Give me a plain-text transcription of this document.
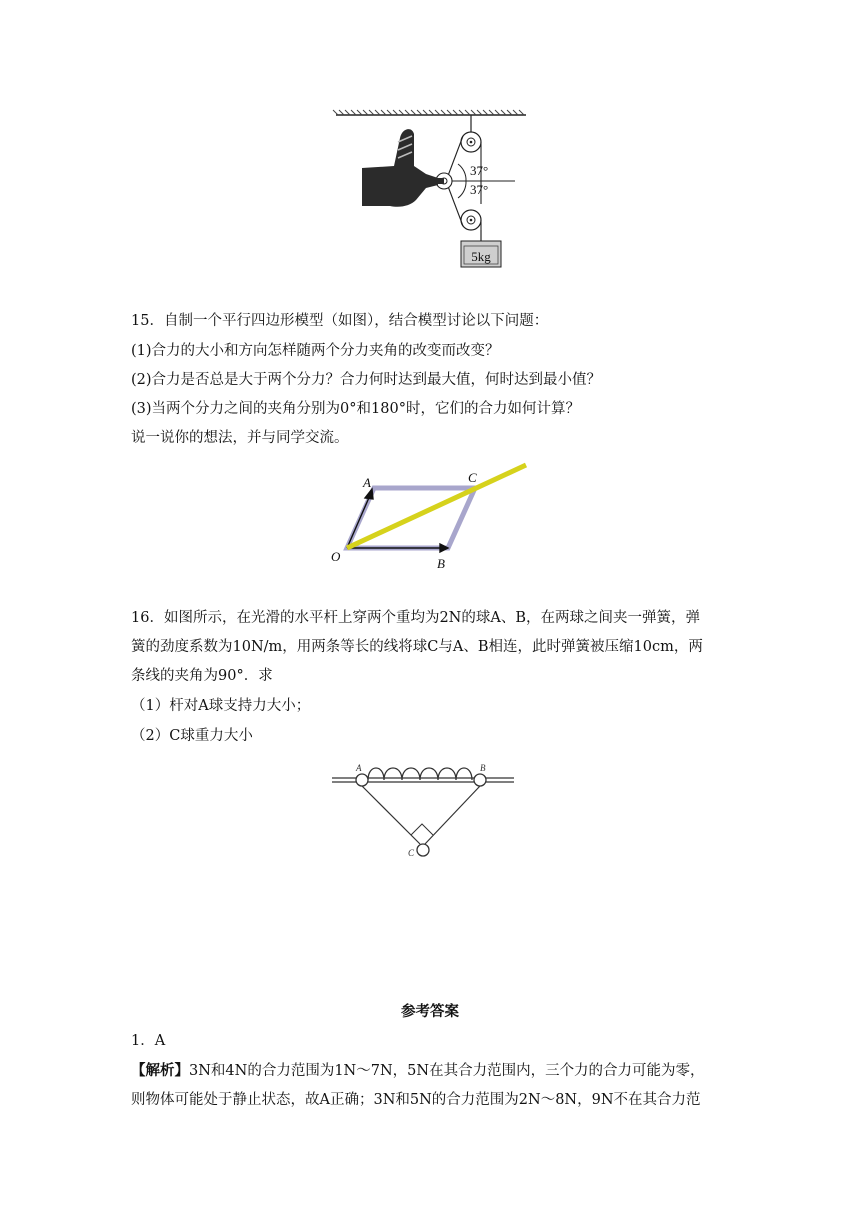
37°
37°
5kg
15．自制一个平行四边形模型（如图），结合模型讨论以下问题：
(1)合力的大小和方向怎样随两个分力夹角的改变而改变？
(2)合力是否总是大于两个分力？合力何时达到最大值，何时达到最小值？
(3)当两个分力之间的夹角分别为0°和180°时，它们的合力如何计算？
说一说你的想法，并与同学交流。
A	C
O	B
16．如图所示，在光滑的水平杆上穿两个重均为2N的球A、B，在两球之间夹一弹簧，弹
簧的劲度系数为10N/m，用两条等长的线将球C与A、B相连，此时弹簧被压缩10cm，两
条线的夹角为90°．求
（1）杆对A球支持力大小；
（2）C球重力大小
A	B
C
参考答案
1．A
【解析】3N和4N的合力范围为1N～7N，5N在其合力范围内，三个力的合力可能为零，
则物体可能处于静止状态，故A正确；3N和5N的合力范围为2N～8N，9N不在其合力范
